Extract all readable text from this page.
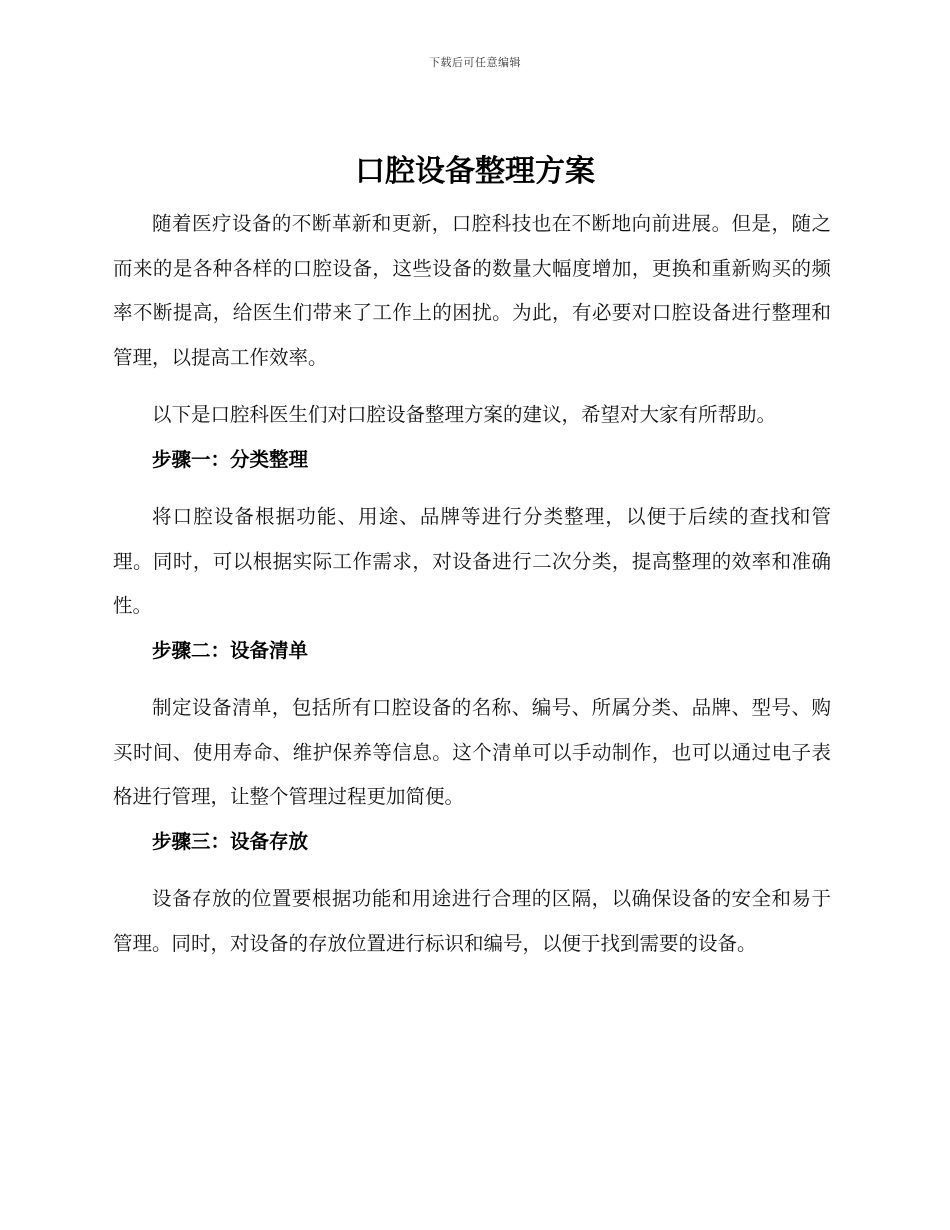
下载后可任意编辑
口腔设备整理方案

随着医疗设备的不断革新和更新，口腔科技也在不断地向前进展。但是，随之而来的是各种各样的口腔设备，这些设备的数量大幅度增加，更换和重新购买的频率不断提高，给医生们带来了工作上的困扰。为此，有必要对口腔设备进行整理和管理，以提高工作效率。

以下是口腔科医生们对口腔设备整理方案的建议，希望对大家有所帮助。

步骤一：分类整理

将口腔设备根据功能、用途、品牌等进行分类整理，以便于后续的查找和管理。同时，可以根据实际工作需求，对设备进行二次分类，提高整理的效率和准确性。

步骤二：设备清单

制定设备清单，包括所有口腔设备的名称、编号、所属分类、品牌、型号、购买时间、使用寿命、维护保养等信息。这个清单可以手动制作，也可以通过电子表格进行管理，让整个管理过程更加简便。

步骤三：设备存放

设备存放的位置要根据功能和用途进行合理的区隔，以确保设备的安全和易于管理。同时，对设备的存放位置进行标识和编号，以便于找到需要的设备。
